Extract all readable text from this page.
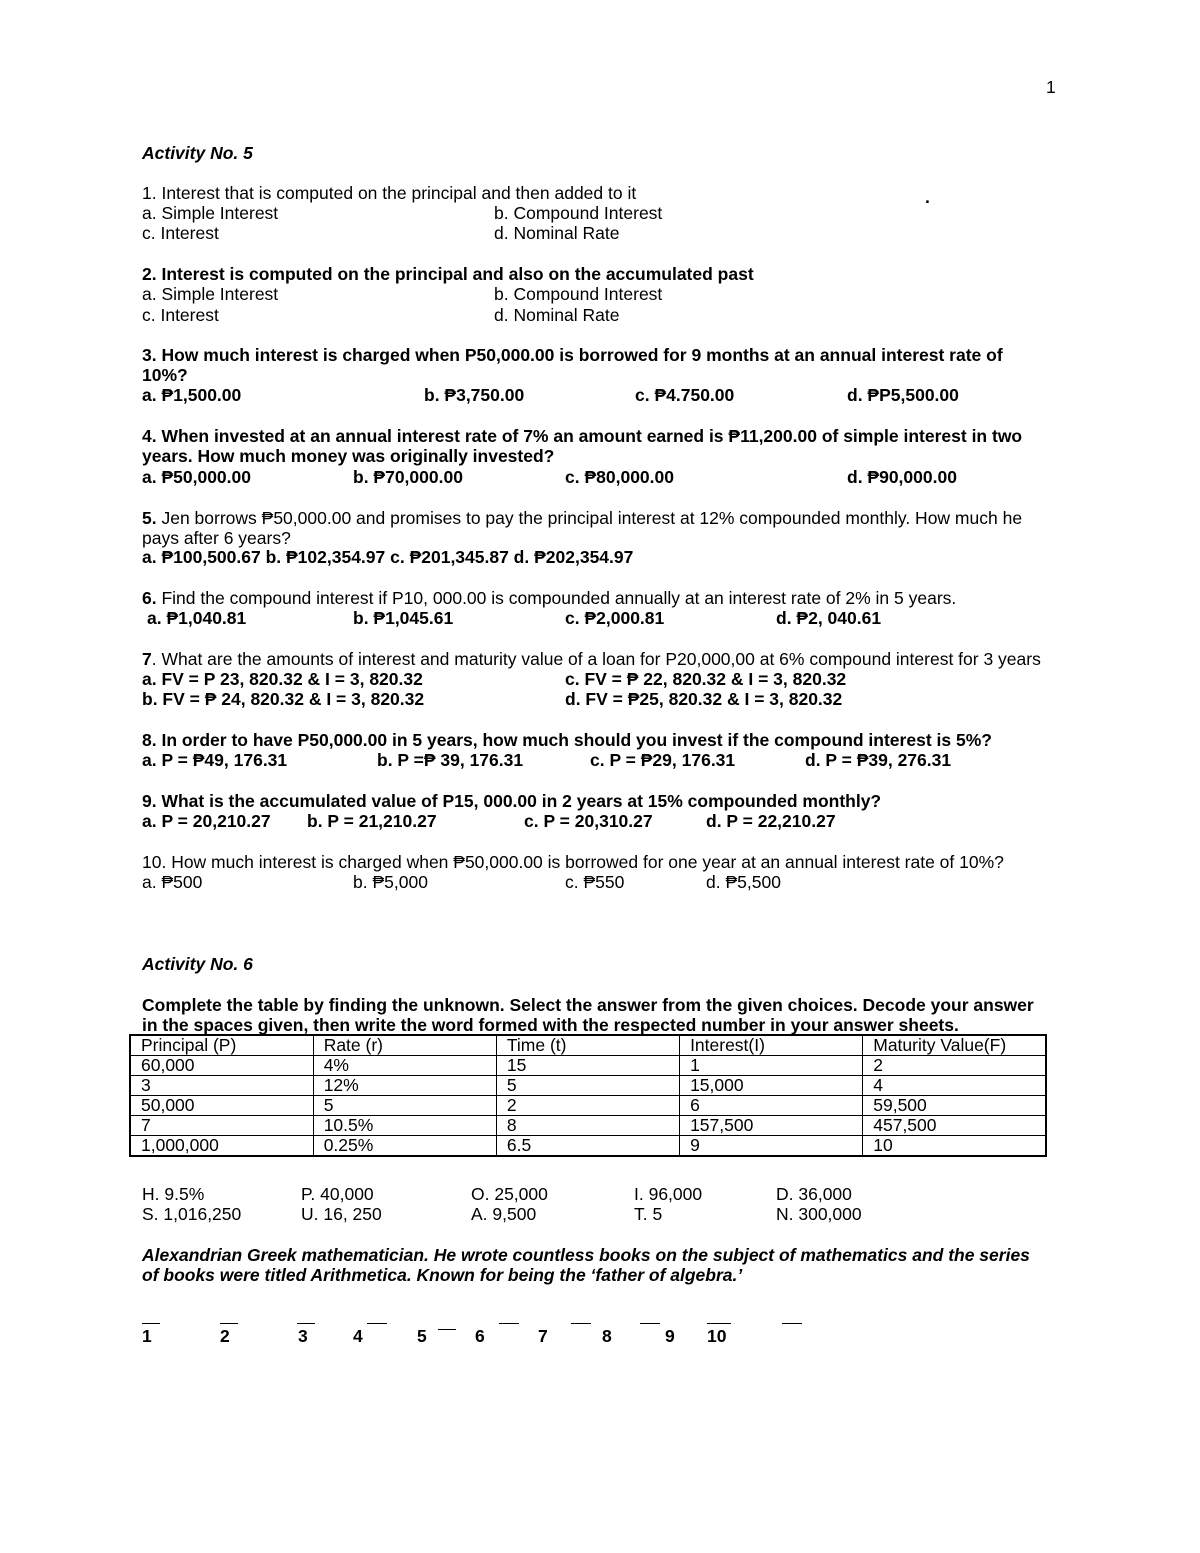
1
Activity No. 5
.
1. Interest that is computed on the principal and then added to it
a. Simple Interest	b. Compound Interest
c. Interest	d. Nominal Rate
2. Interest is computed on the principal and also on the accumulated past
a. Simple Interest	b. Compound Interest
c. Interest	d. Nominal Rate
3. How much interest is charged when P50,000.00 is borrowed for 9 months at an annual interest rate of
10%?
a. ₱1,500.00	b. ₱3,750.00	c. ₱4.750.00	d. ₱P5,500.00
4. When invested at an annual interest rate of 7% an amount earned is ₱11,200.00 of simple interest in two
years. How much money was originally invested?
a. ₱50,000.00	b. ₱70,000.00	c. ₱80,000.00	d. ₱90,000.00
5. Jen borrows ₱50,000.00 and promises to pay the principal interest at 12% compounded monthly. How much he
pays after 6 years?
a. ₱100,500.67 b. ₱102,354.97 c. ₱201,345.87 d. ₱202,354.97
6. Find the compound interest if P10, 000.00 is compounded annually at an interest rate of 2% in 5 years.
a. ₱1,040.81	b. ₱1,045.61	c. ₱2,000.81	d. ₱2, 040.61
7. What are the amounts of interest and maturity value of a loan for P20,000,00 at 6% compound interest for 3 years
a. FV = P 23, 820.32 & I = 3, 820.32	c. FV = ₱ 22, 820.32 & I = 3, 820.32
b. FV = ₱ 24, 820.32 & I = 3, 820.32	d. FV = ₱25, 820.32 & I = 3, 820.32
8. In order to have P50,000.00 in 5 years, how much should you invest if the compound interest is 5%?
a. P = ₱49, 176.31	b. P =₱ 39, 176.31	c. P = ₱29, 176.31	d. P = ₱39, 276.31
9. What is the accumulated value of P15, 000.00 in 2 years at 15% compounded monthly?
a. P = 20,210.27 b. P = 21,210.27	c. P = 20,310.27	d. P = 22,210.27
10. How much interest is charged when ₱50,000.00 is borrowed for one year at an annual interest rate of 10%?
a. ₱500	b. ₱5,000	c. ₱550	d. ₱5,500
Activity No. 6
Complete the table by finding the unknown. Select the answer from the given choices. Decode your answer
in the spaces given, then write the word formed with the respected number in your answer sheets.
Principal (P)	Rate (r)	Time (t)	Interest(I)	Maturity Value(F)
60,000	4%	15	1	2
3	12%	5	15,000	4
50,000	5	2	6	59,500
7	10.5%	8	157,500	457,500
1,000,000	0.25%	6.5	9	10
H. 9.5%	P. 40,000	O. 25,000	I. 96,000	D. 36,000
S. 1,016,250	U. 16, 250	A. 9,500	T. 5	N. 300,000
Alexandrian Greek mathematician. He wrote countless books on the subject of mathematics and the series
of books were titled Arithmetica. Known for being the ‘father of algebra.’
1	2	3	4	5	6	7	8	9 10
